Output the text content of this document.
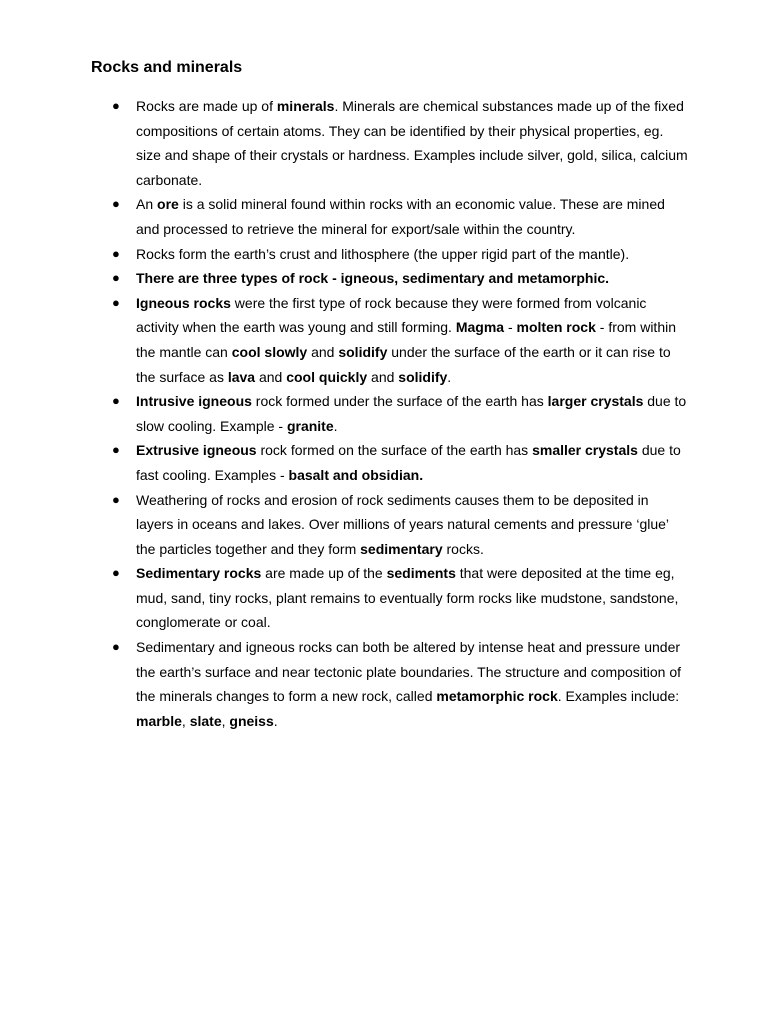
Rocks and minerals
● Rocks are made up of minerals. Minerals are chemical substances made up of the fixed compositions of certain atoms. They can be identified by their physical properties, eg. size and shape of their crystals or hardness. Examples include silver, gold, silica, calcium carbonate.
● An ore is a solid mineral found within rocks with an economic value. These are mined and processed to retrieve the mineral for export/sale within the country.
● Rocks form the earth’s crust and lithosphere (the upper rigid part of the mantle).
● There are three types of rock - igneous, sedimentary and metamorphic.
● Igneous rocks were the first type of rock because they were formed from volcanic activity when the earth was young and still forming. Magma - molten rock - from within the mantle can cool slowly and solidify under the surface of the earth or it can rise to the surface as lava and cool quickly and solidify.
● Intrusive igneous rock formed under the surface of the earth has larger crystals due to slow cooling. Example - granite.
● Extrusive igneous rock formed on the surface of the earth has smaller crystals due to fast cooling. Examples - basalt and obsidian.
● Weathering of rocks and erosion of rock sediments causes them to be deposited in layers in oceans and lakes. Over millions of years natural cements and pressure ‘glue’ the particles together and they form sedimentary rocks.
● Sedimentary rocks are made up of the sediments that were deposited at the time eg, mud, sand, tiny rocks, plant remains to eventually form rocks like mudstone, sandstone, conglomerate or coal.
● Sedimentary and igneous rocks can both be altered by intense heat and pressure under the earth’s surface and near tectonic plate boundaries. The structure and composition of the minerals changes to form a new rock, called metamorphic rock. Examples include: marble, slate, gneiss.
